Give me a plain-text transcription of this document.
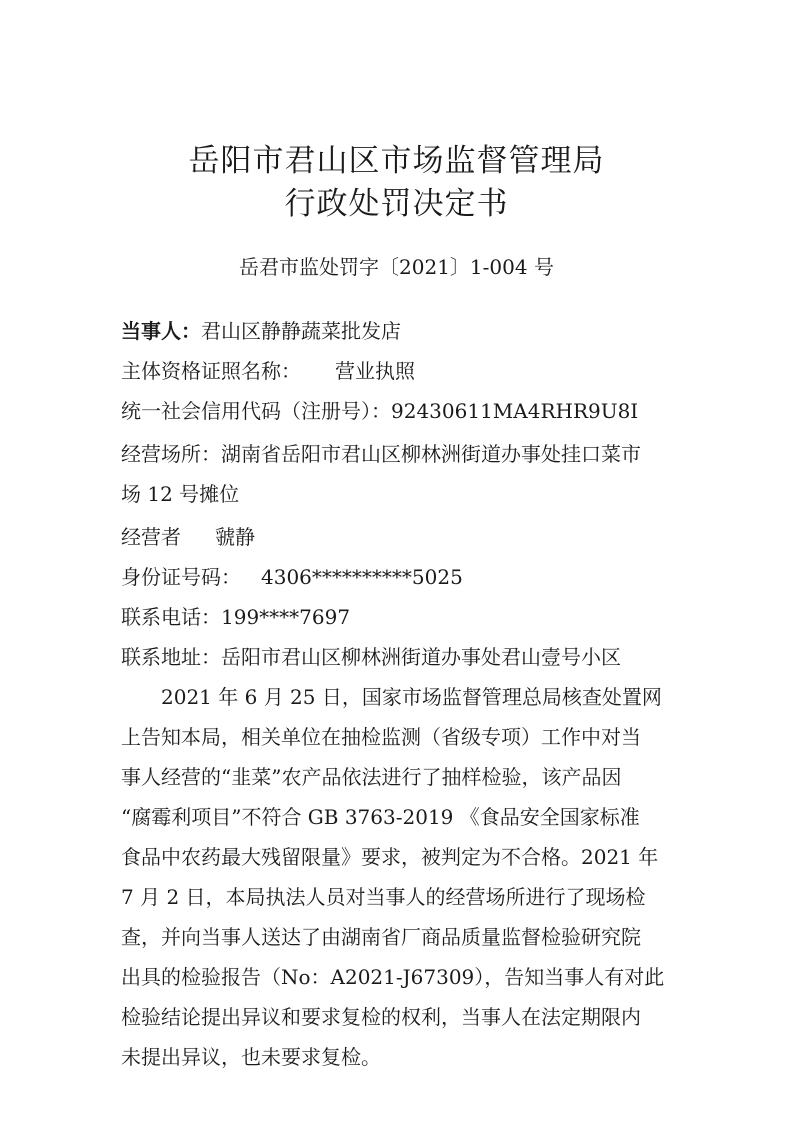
岳阳市君山区市场监督管理局
行政处罚决定书
岳君市监处罚字〔2021〕1-004 号
当事人：君山区静静蔬菜批发店
主体资格证照名称： 营业执照
统一社会信用代码（注册号）：92430611MA4RHR9U8I
经营场所：湖南省岳阳市君山区柳林洲街道办事处挂口菜市
场 12 号摊位
经营者 虢静
身份证号码： 4306**********5025
联系电话：199****7697
联系地址：岳阳市君山区柳林洲街道办事处君山壹号小区
　　2021 年 6 月 25 日，国家市场监督管理总局核查处置网
上告知本局，相关单位在抽检监测（省级专项）工作中对当
事人经营的“韭菜”农产品依法进行了抽样检验，该产品因
“腐霉利项目”不符合 GB 3763-2019 《食品安全国家标准
食品中农药最大残留限量》要求，被判定为不合格。2021 年
7 月 2 日，本局执法人员对当事人的经营场所进行了现场检
查，并向当事人送达了由湖南省厂商品质量监督检验研究院
出具的检验报告（No：A2021-J67309），告知当事人有对此
检验结论提出异议和要求复检的权利，当事人在法定期限内
未提出异议，也未要求复检。
